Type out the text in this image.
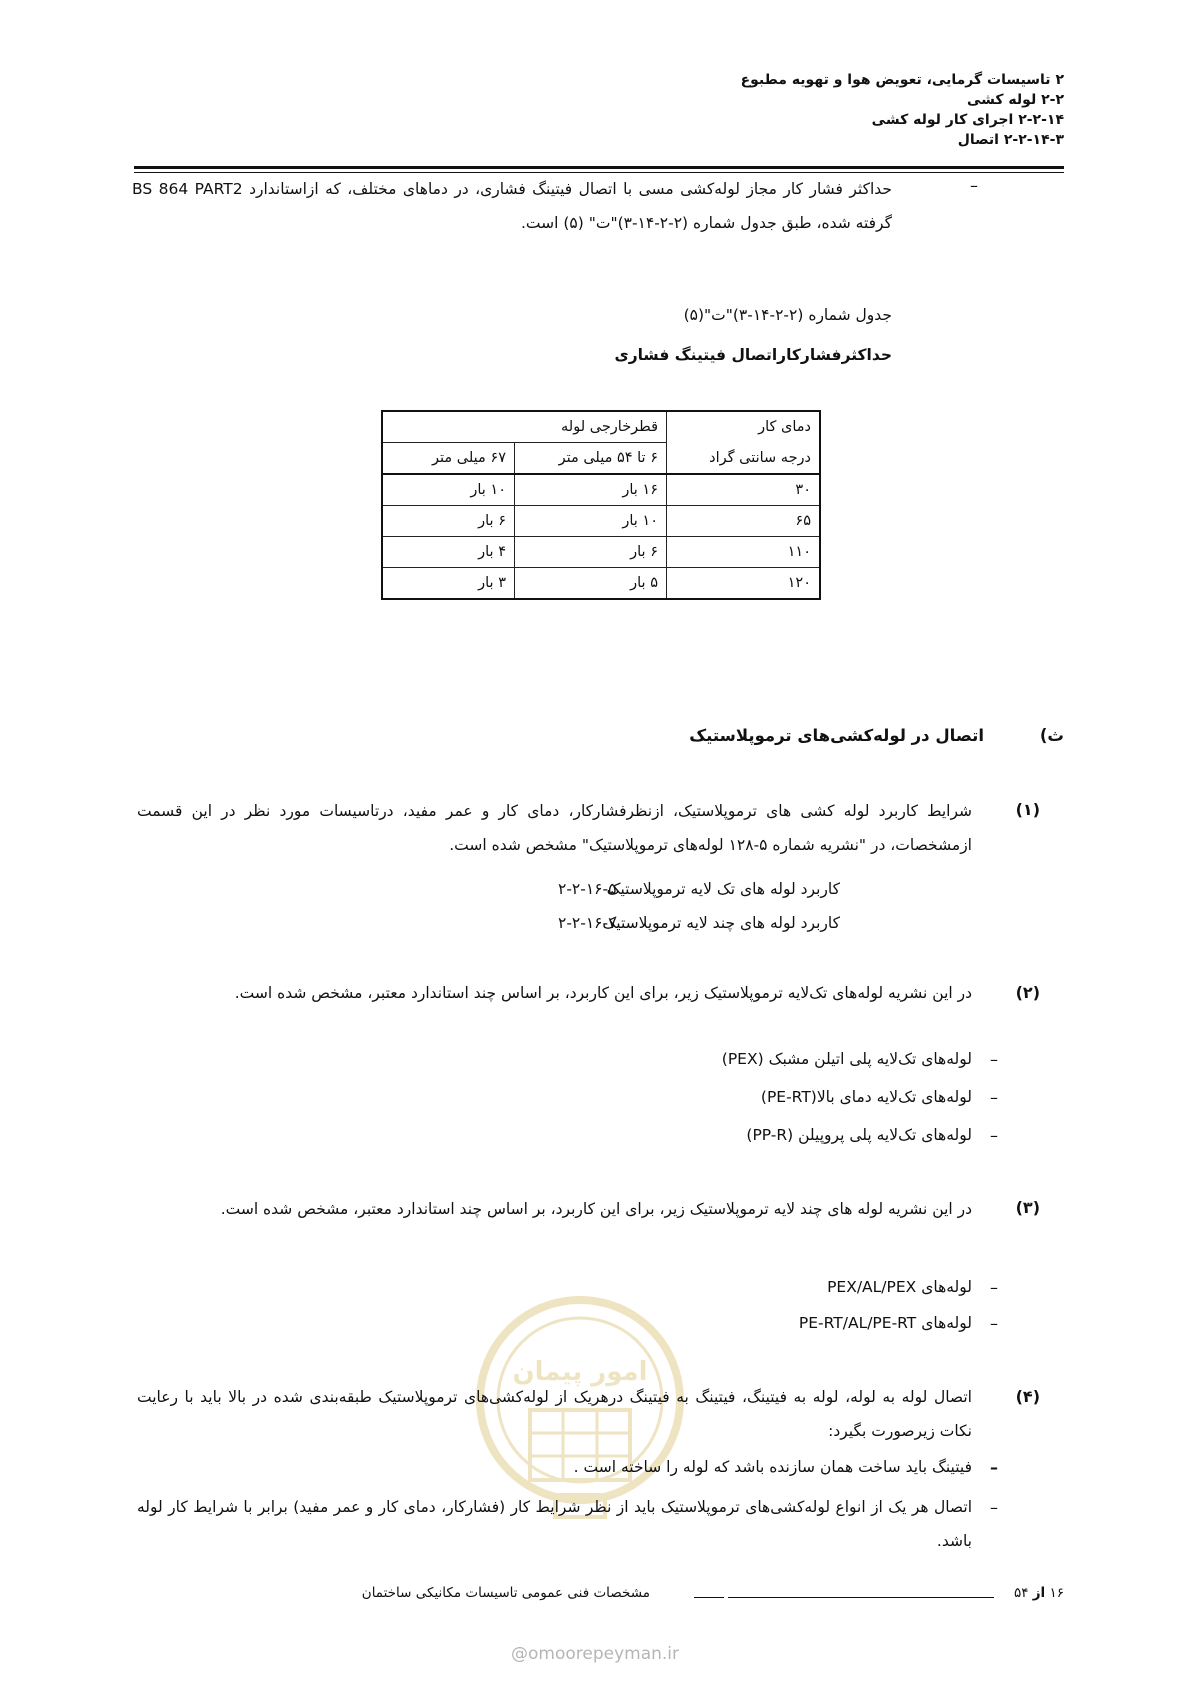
۲ تاسیسات گرمایی، تعویض هوا و تهویه مطبوع
۲-۲ لوله کشی
۲-۲-۱۴ اجرای کار لوله کشی
۲-۲-۱۴-۳ اتصال
–
حداکثر فشار کار مجاز لوله‌کشی مسی با اتصال فیتینگ فشاری، در دماهای مختلف، که ازاستاندارد BS 864 PART2 گرفته شده، طبق جدول شماره (۲-۲-۱۴-۳)"ت" (۵) است.
جدول شماره (۲-۲-۱۴-۳)"ت"(۵)
حداکثرفشارکاراتصال فیتینگ فشاری
دمای کار	قطرخارجی لوله	
درجه سانتی گراد	۶ تا ۵۴ میلی متر	۶۷ میلی متر
۳۰	۱۶ بار	۱۰ بار
۶۵	۱۰ بار	۶ بار
۱۱۰	۶ بار	۴ بار
۱۲۰	۵ بار	۳ بار
ث)
اتصال در لوله‌کشی‌های ترموپلاستیک
(۱)
شرایط کاربرد لوله کشی های ترموپلاستیک، ازنظرفشارکار، دمای کار و عمر مفید، درتاسیسات مورد نظر در این قسمت ازمشخصات، در "نشریه شماره ۵-۱۲۸ لوله‌های ترموپلاستیک" مشخص شده است.
۲-۲-۱۶-۵
کاربرد لوله های تک لایه ترموپلاستیک
۲-۲-۱۶-۷
کاربرد لوله های چند لایه ترموپلاستیک
(۲)
در این نشریه لوله‌های تک‌لایه ترموپلاستیک زیر، برای این کاربرد، بر اساس چند استاندارد معتبر، مشخص شده است.
–
لوله‌های تک‌لایه پلی اتیلن مشبک (PEX)
–
لوله‌های تک‌لایه دمای بالا(PE-RT)
–
لوله‌های تک‌لایه پلی پروپیلن (PP-R)
(۳)
در این نشریه لوله های چند لایه ترموپلاستیک زیر، برای این کاربرد، بر اساس چند استاندارد معتبر، مشخص شده است.
–
لوله‌های PEX/AL/PEX
–
لوله‌های PE-RT/AL/PE-RT
امور پیمان
(۴)
اتصال لوله به لوله، لوله به فیتینگ، فیتینگ به فیتینگ درهریک از لوله‌کشی‌های ترموپلاستیک طبقه‌بندی شده در بالا باید با رعایت نکات زیرصورت بگیرد:
–
فیتینگ باید ساخت همان سازنده باشد که لوله را ساخته است .
–
اتصال هر یک از انواع لوله‌کشی‌های ترموپلاستیک باید از نظر شرایط کار (فشارکار، دمای کار و عمر مفید) برابر با شرایط کار لوله باشد.
۱۶ از ۵۴
مشخصات فنی عمومی تاسیسات مکانیکی ساختمان
@omoorepeyman.ir
